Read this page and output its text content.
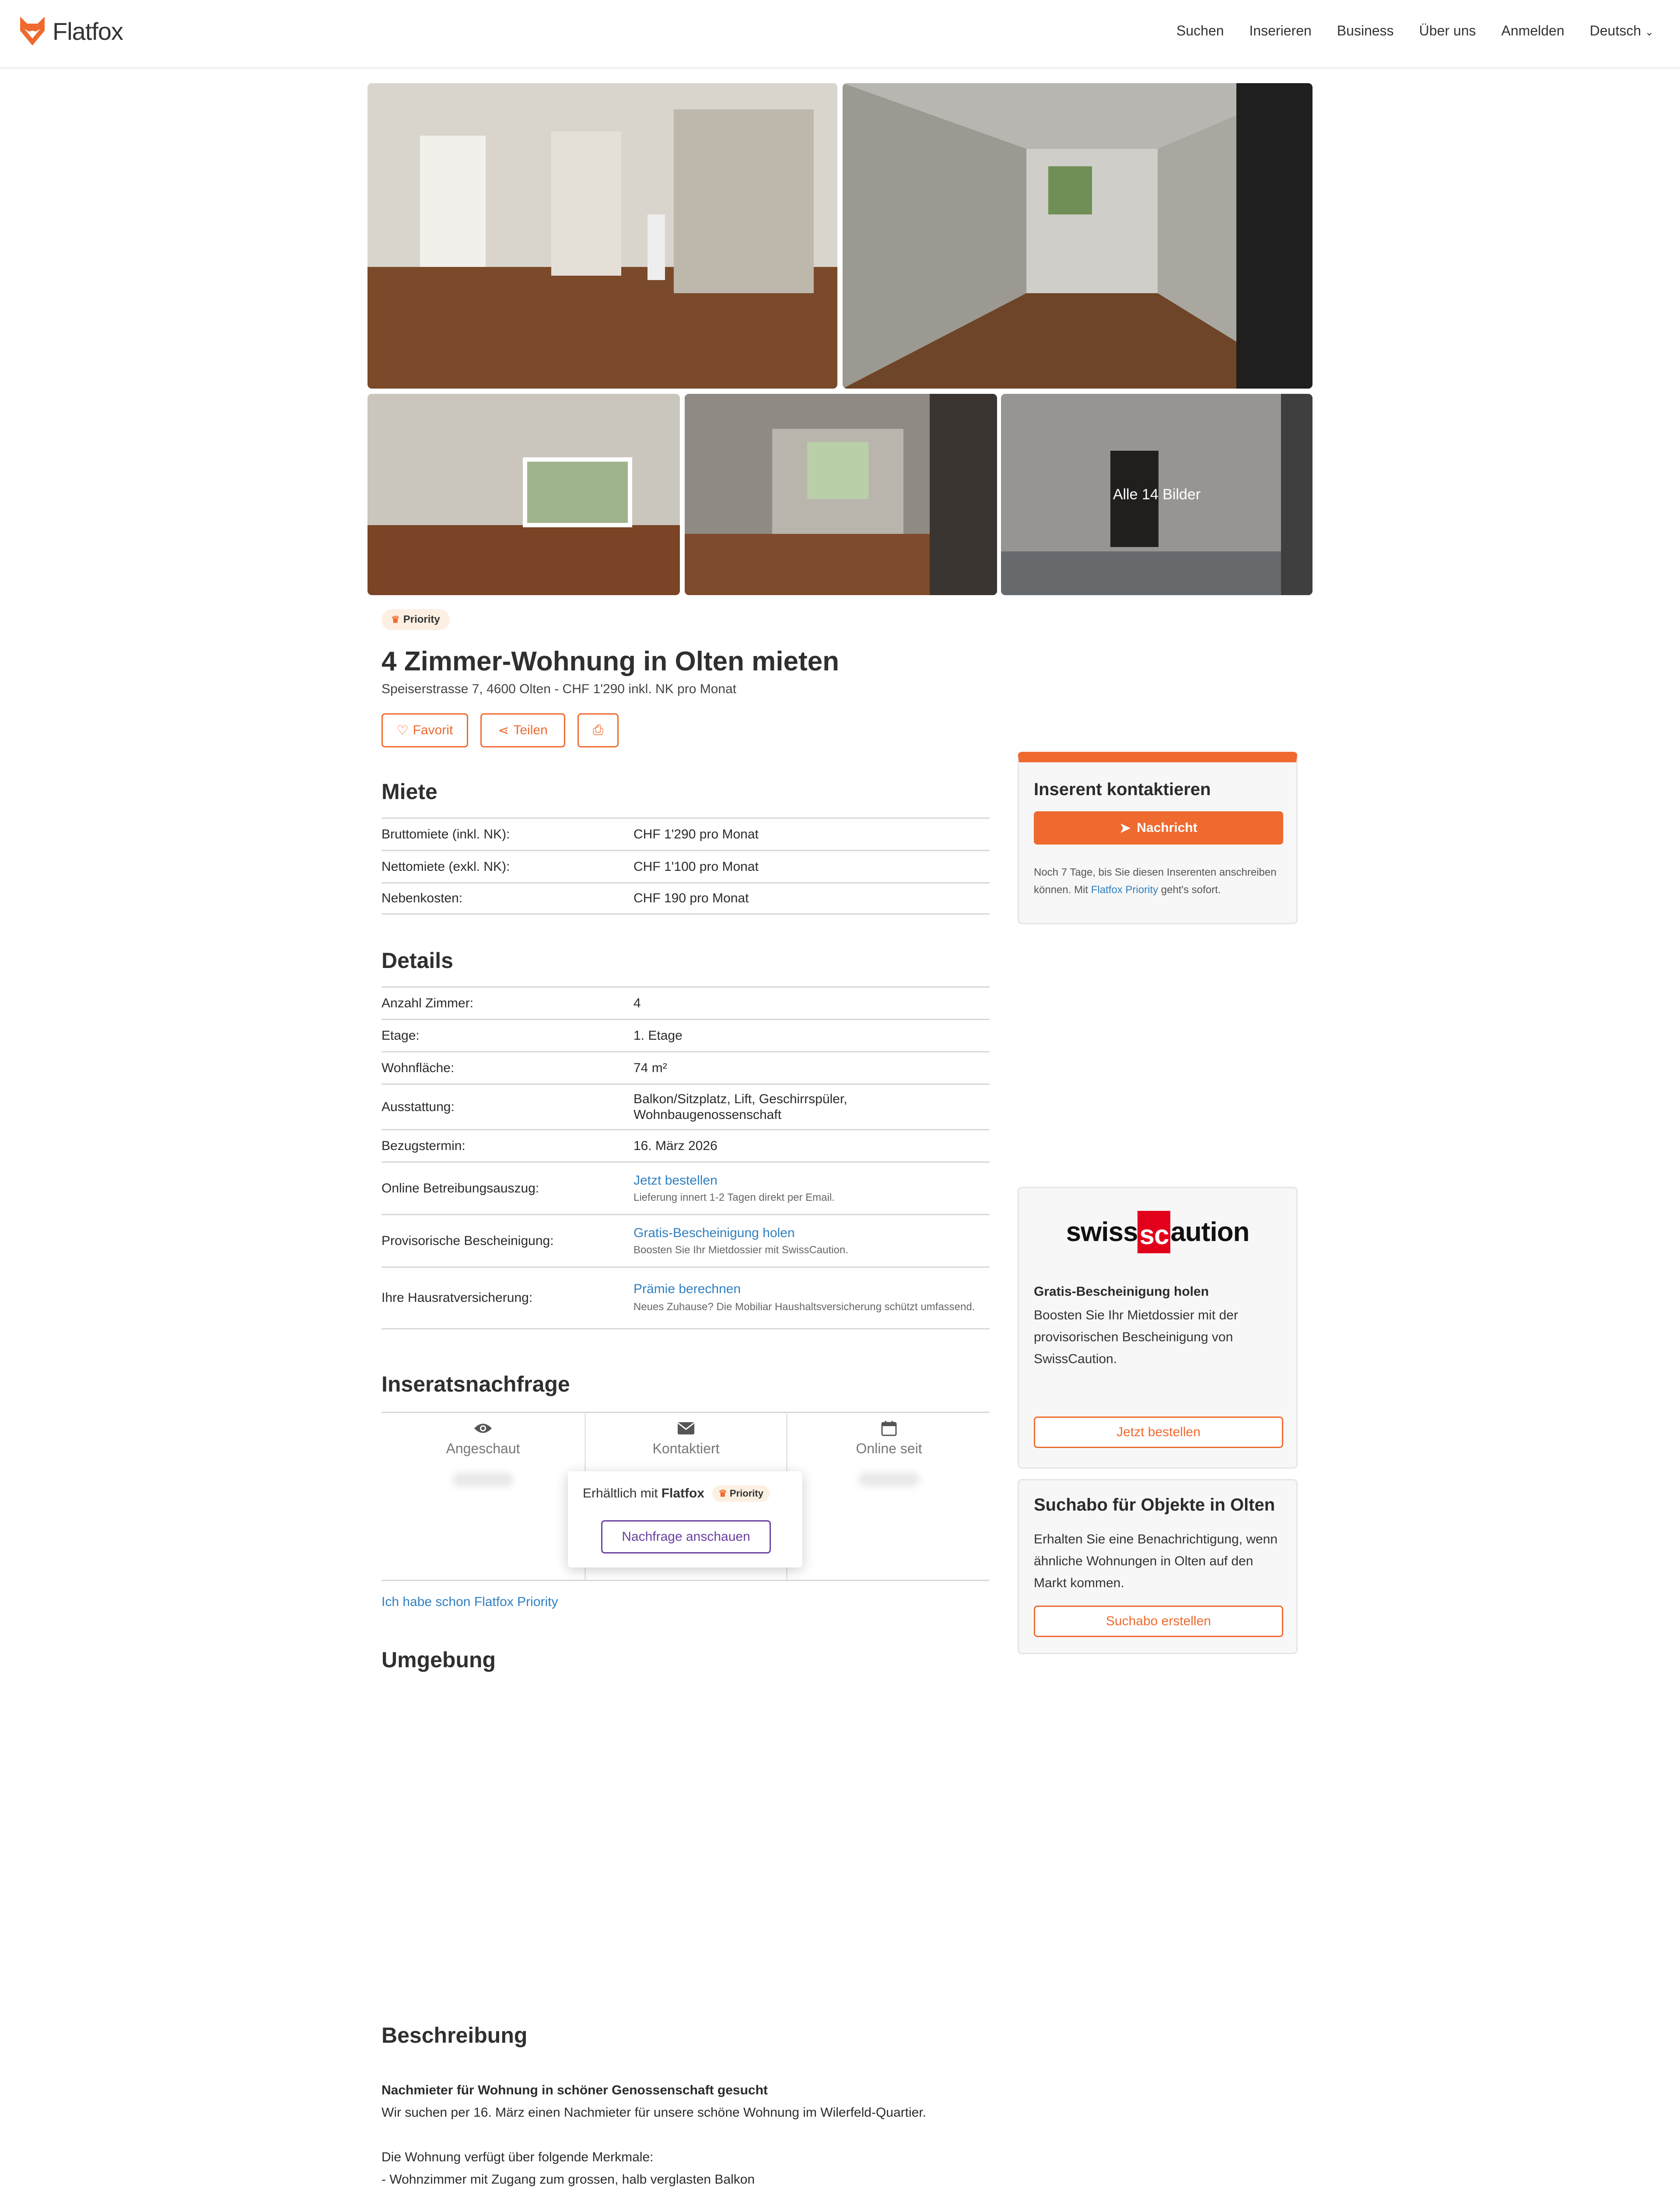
Flatfox	Suchen Inserieren Business Über uns Anmelden Deutsch ⌄
Alle 14 Bilder
♛ Priority
4 Zimmer-Wohnung in Olten mieten
Speiserstrasse 7, 4600 Olten - CHF 1'290 inkl. NK pro Monat
♡ Favorit	⋖ Teilen	⎙
Miete
Bruttomiete (inkl. NK):	CHF 1'290 pro Monat
Nettomiete (exkl. NK):	CHF 1'100 pro Monat
Nebenkosten:	CHF 190 pro Monat
Details
Anzahl Zimmer:	4
Etage:	1. Etage
Wohnfläche:	74 m²
Ausstattung:
Balkon/Sitzplatz, Lift, Geschirrspüler, Wohnbaugenossenschaft
Bezugstermin:	16. März 2026
Online Betreibungsauszug:
Jetzt bestellen
Lieferung innert 1-2 Tagen direkt per Email.
Provisorische Bescheinigung:
Gratis-Bescheinigung holen
Boosten Sie Ihr Mietdossier mit SwissCaution.
Ihre Hausratversicherung:
Prämie berechnen
Neues Zuhause? Die Mobiliar Haushaltsversicherung schützt umfassend.
Inseratsnachfrage
Angeschaut	Kontaktiert	Online seit
Erhältlich mit Flatfox	♛ Priority
Nachfrage anschauen
Ich habe schon Flatfox Priority
Umgebung
Beschreibung

Nachmieter für Wohnung in schöner Genossenschaft gesucht
Wir suchen per 16. März einen Nachmieter für unsere schöne Wohnung im Wilerfeld-Quartier.

Die Wohnung verfügt über folgende Merkmale:
- Wohnzimmer mit Zugang zum grossen, halb verglasten Balkon

Inserent kontaktieren
➤ Nachricht
Noch 7 Tage, bis Sie diesen Inserenten anschreiben können. Mit Flatfox Priority geht's sofort.
swiss sc aution
Gratis-Bescheinigung holen
Boosten Sie Ihr Mietdossier mit der provisorischen Bescheinigung von SwissCaution.
Jetzt bestellen
Suchabo für Objekte in Olten
Erhalten Sie eine Benachrichtigung, wenn ähnliche Wohnungen in Olten auf den Markt kommen.
Suchabo erstellen
